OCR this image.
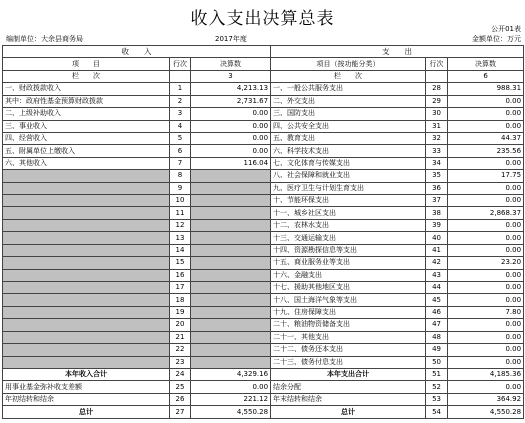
收入支出决算总表	公开01表
编制单位：大余县商务局	2017年度	金额单位：万元
收　　入			支　　出		
项　　目	行次	决算数	项目（按功能分类）	行次	决算数
栏　　次		3	栏　　次		6
一、财政拨款收入	1	4,213.13	一、一般公共服务支出	28	988.31
其中：政府性基金预算财政拨款	2	2,731.67	二、外交支出	29	0.00
二、上级补助收入	3	0.00	三、国防支出	30	0.00
三、事业收入	4	0.00	四、公共安全支出	31	0.00
四、经营收入	5	0.00	五、教育支出	32	44.37
五、附属单位上缴收入	6	0.00	六、科学技术支出	33	235.56
六、其他收入	7	116.04	七、文化体育与传媒支出	34	0.00
	8		八、社会保障和就业支出	35	17.75
	9		九、医疗卫生与计划生育支出	36	0.00
	10		十、节能环保支出	37	0.00
	11		十一、城乡社区支出	38	2,868.37
	12		十二、农林水支出	39	0.00
	13		十三、交通运输支出	40	0.00
	14		十四、资源勘探信息等支出	41	0.00
	15		十五、商业服务业等支出	42	23.20
	16		十六、金融支出	43	0.00
	17		十七、援助其他地区支出	44	0.00
	18		十八、国土海洋气象等支出	45	0.00
	19		十九、住房保障支出	46	7.80
	20		二十、粮油物资储备支出	47	0.00
	21		二十一、其他支出	48	0.00
	22		二十二、债务还本支出	49	0.00
	23		二十三、债务付息支出	50	0.00
本年收入合计	24	4,329.16	本年支出合计	51	4,185.36
用事业基金弥补收支差额	25	0.00	结余分配	52	0.00
年初结转和结余	26	221.12	年末结转和结余	53	364.92
总计	27	4,550.28	总计	54	4,550.28
